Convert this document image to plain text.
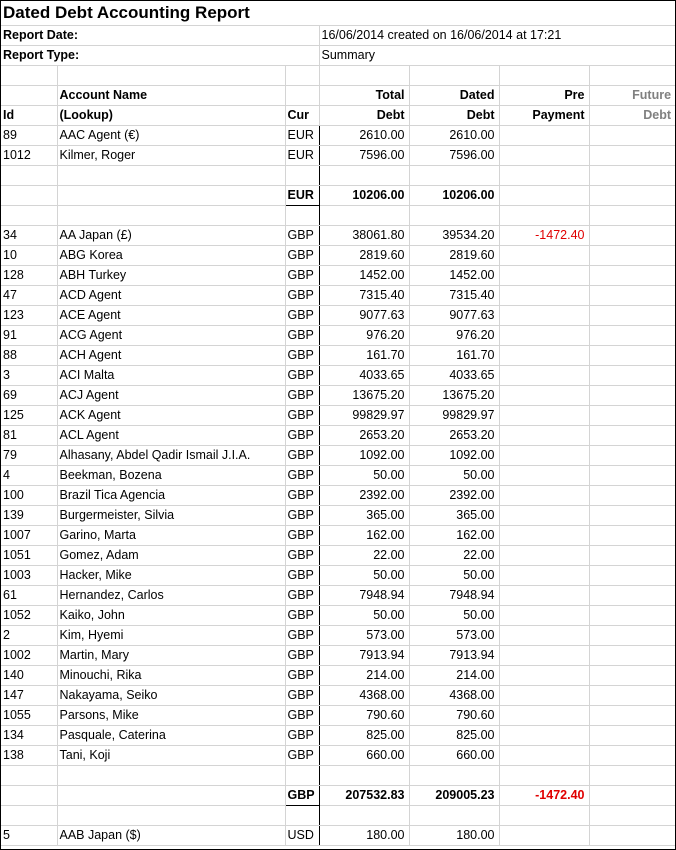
Dated Debt Accounting Report						
Report Date:			16/06/2014 created on 16/06/2014 at 17:21			
Report Type:			Summary			

	Account Name		Total	Dated	Pre	Future
Id	(Lookup)	Cur	Debt	Debt	Payment	Debt
89	AAC Agent (€)	EUR	2610.00	2610.00		
1012	Kilmer, Roger	EUR	7596.00	7596.00		

		EUR	10206.00	10206.00		

34	AA Japan (£)	GBP	38061.80	39534.20	-1472.40	
10	ABG Korea	GBP	2819.60	2819.60		
128	ABH Turkey	GBP	1452.00	1452.00		
47	ACD Agent	GBP	7315.40	7315.40		
123	ACE Agent	GBP	9077.63	9077.63		
91	ACG Agent	GBP	976.20	976.20		
88	ACH Agent	GBP	161.70	161.70		
3	ACI Malta	GBP	4033.65	4033.65		
69	ACJ Agent	GBP	13675.20	13675.20		
125	ACK Agent	GBP	99829.97	99829.97		
81	ACL Agent	GBP	2653.20	2653.20		
79	Alhasany, Abdel Qadir Ismail J.I.A.	GBP	1092.00	1092.00		
4	Beekman, Bozena	GBP	50.00	50.00		
100	Brazil Tica Agencia	GBP	2392.00	2392.00		
139	Burgermeister, Silvia	GBP	365.00	365.00		
1007	Garino, Marta	GBP	162.00	162.00		
1051	Gomez, Adam	GBP	22.00	22.00		
1003	Hacker, Mike	GBP	50.00	50.00		
61	Hernandez, Carlos	GBP	7948.94	7948.94		
1052	Kaiko, John	GBP	50.00	50.00		
2	Kim, Hyemi	GBP	573.00	573.00		
1002	Martin, Mary	GBP	7913.94	7913.94		
140	Minouchi, Rika	GBP	214.00	214.00		
147	Nakayama, Seiko	GBP	4368.00	4368.00		
1055	Parsons, Mike	GBP	790.60	790.60		
134	Pasquale, Caterina	GBP	825.00	825.00		
138	Tani, Koji	GBP	660.00	660.00		

		GBP	207532.83	209005.23	-1472.40	

5	AAB Japan ($)	USD	180.00	180.00		
